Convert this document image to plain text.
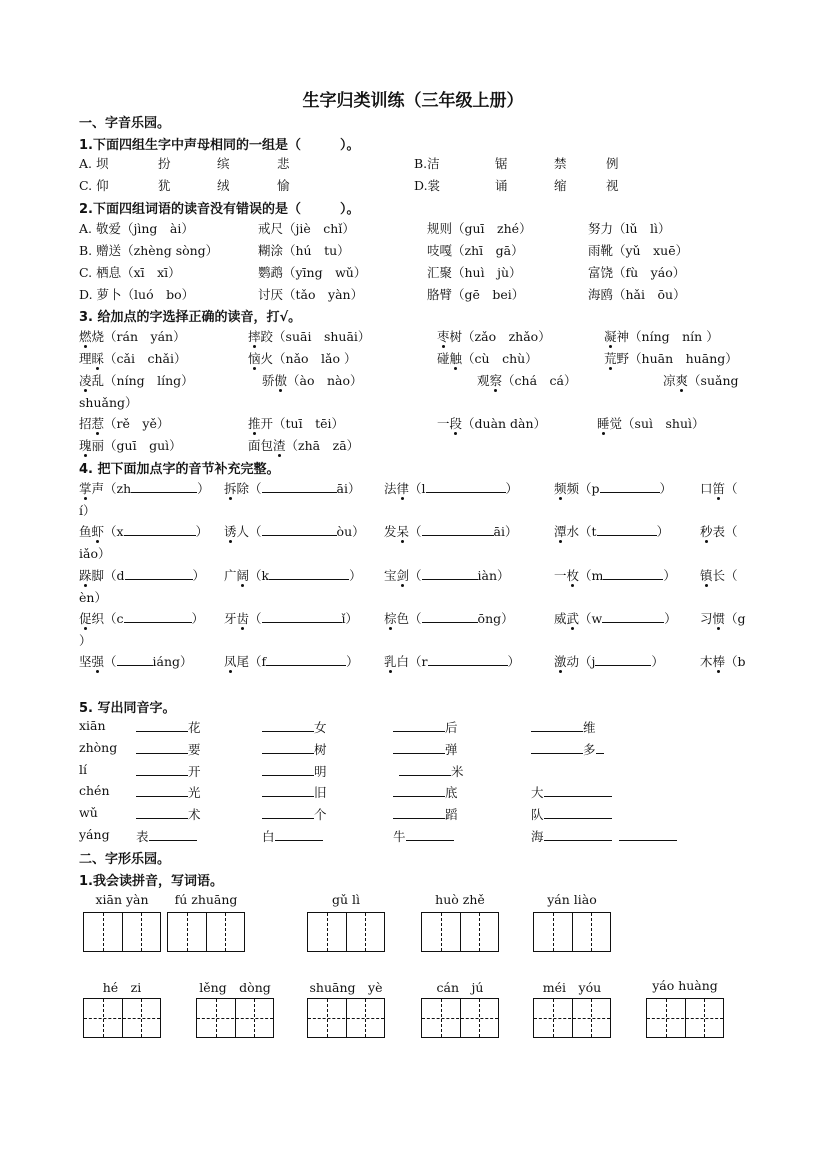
生字归类训练（三年级上册）
一、字音乐园。
1.下面四组生字中声母相同的一组是（　　　）。
A. 坝	扮	缤	悲	B.洁	锯	禁	例
C. 仰	犹	绒	愉	D.裳	诵	缩	视
2.下面四组词语的读音没有错误的是（　　　）。
A. 敬爱（jìng　ài）	戒尺（jiè　chǐ）	规则（guī　zhé）	努力（lǔ　lì）
B. 赠送（zhèng sòng）	糊涂（hú　tu）	吱嘎（zhī　gā）	雨靴（yǔ　xuē）
C. 栖息（xī　xī）	鹦鹉（yīng　wǔ）	汇聚（huì　jù）	富饶（fù　yáo）
D. 萝卜（luó　bo）	讨厌（tǎo　yàn）	胳臂（gē　bei）	海鸥（hǎi　ōu）
3. 给加点的字选择正确的读音，打√。
燃烧（rán　yán）	摔跤（suāi　shuāi）	枣树（zǎo　zhǎo）	凝神（níng　nín ）
理睬（cǎi　chǎi）	恼火（nǎo　lǎo ）	碰触（cù　chù）	荒野（huān　huāng）
凌乱（níng　líng）	骄傲（ào　nào）	观察（chá　cá）	凉爽（suǎng
shuǎng）
招惹（rě　yě）	推开（tuī　tēi）	一段（duàn dàn）	睡觉（suì　shuì）
瑰丽（guī　guì）	面包渣（zhā　zā）
4. 把下面加点字的音节补充完整。
掌声（zh	） 拆除（	āi） 法律（l	）	频频（p	） 口笛（
鱼虾（x	） 诱人（	òu） 发呆（	āi）	潭水（t	） 秒表（
跺脚（d	） 广阔（k	） 宝剑（	iàn）	一枚（m	） 镇长（
促织（c	） 牙齿（	ǐ） 棕色（	ōng）	威武（w	） 习惯（g
坚强（	iáng）	凤尾（f	） 乳白（r	）	激动（j	）	木棒（b
í）
iǎo）
èn）
）
5. 写出同音字。
xiān	花	女	后	维
zhòng	要	树	弹	多
lí	开	明	米
chén	光	旧	底	大
wǔ	术	个	蹈	队
yáng 表	白	牛	海
二、字形乐园。
1.我会读拼音，写词语。
xiān yàn	fú zhuāng	gǔ lì	huò zhě	yán liào
hé　zi	lěng　dòng	shuāng　yè	cán　jú	méi　yóu	yáo huàng
